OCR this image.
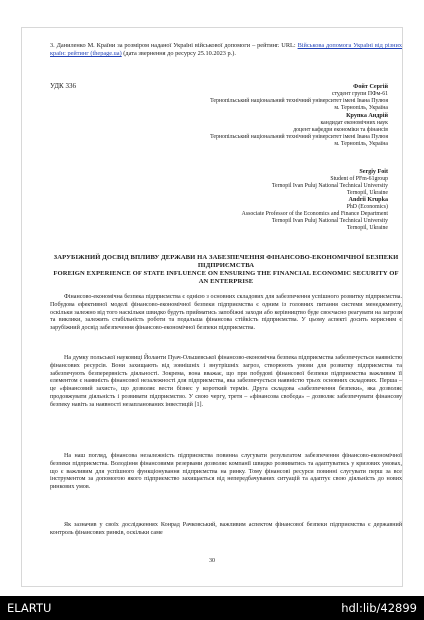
3. Даниленко М. Країни за розміром наданої Україні військової допомоги – рейтинг. URL: Військова допомога Україні від різних країн: рейтинг (thepage.ua) (дата звернення до ресурсу 25.10.2023 р.).
УДК 336	Фойт Сергій
студент групи ПФм-61
Тернопільський національний технічний університет імені Івана Пулюя
м. Тернопіль, Україна
Крупка Андрій
кандидат економічних наук
доцент кафедри економіки та фінансів
Тернопільський національний технічний університет імені Івана Пулюя
м. Тернопіль, Україна
Sergiy Foit
Student of PFm-61group
Ternopil Ivan Puluj National Technical University
Ternopil, Ukraine
Andrii Krupka
PhD (Economics)
Associate Professor of the Economics and Finance Department
Ternopil Ivan Puluj National Technical University
Ternopil, Ukraine
ЗАРУБІЖНИЙ ДОСВІД ВПЛИВУ ДЕРЖАВИ НА ЗАБЕЗПЕЧЕННЯ ФІНАНСОВО-ЕКОНОМІЧНОЇ БЕЗПЕКИ ПІДПРИЄМСТВА
FOREIGN EXPERIENCE OF STATE INFLUENCE ON ENSURING THE FINANCIAL ECONOMIC SECURITY OF AN ENTERPRISE

Фінансово-економічна безпека підприємства є однією з основних складових для забезпечення успішного розвитку підприємства. Побудова ефективної моделі фінансово-економічної безпеки підприємства є одним із головних питання системи менеджменту, оскільки залежно від того наскільки швидко будуть прийматись запобіжні заходи або керівництво буде своєчасно реагувати на загрози та виклики, залежить стабільність роботи та подальша фінансова стійкість підприємства. У цьому аспекті досить корисним є зарубіжний досвід забезпечення фінансово-економічної безпеки підприємства.

На думку польської науковиці Йоланти Пуач-Ольшевської фінансово-економічна безпека підприємства забезпечується наявністю фінансових ресурсів. Вони захищають від зовнішніх і внутрішніх загроз, створюють умови для розвитку підприємства та забезпечують безперервність діяльності. Зокрема, вона вважає, що при побудові фінансової безпеки підприємства важливим її елементом є наявність фінансової незалежності для підприємства, яка забезпечується наявністю трьох основних складових. Перша – це «фінансовий захист», що дозволяє вести бізнес у короткий термін. Друга складова «забезпечення безпеки», яка дозволяє продовжувати діяльність і розвивати підприємство. У свою чергу, третя – «фінансова свобода» – дозволяє забезпечувати фінансову безпеку навіть за наявності незапланованих інвестицій [1].

На наш погляд, фінансова незалежність підприємства повинна слугувати результатом забезпечення фінансово-економічної безпеки підприємства. Володіння фінансовими резервами дозволяє компанії швидко розвиватись та адаптуватись у кризових умовах, що є важливим для успішного функціонування підприємства на ринку. Тому фінансові ресурси повинні слугувати перш за все інструментом за допомогою якого підприємство захищається від непередбачуваних ситуацій та адаптує свою діяльність до нових ринкових умов.

Як зазначив у своїх дослідженнях Конрад Рачковський, важливим аспектом фінансової безпеки підприємства є державний контроль фінансових ринків, оскільки саме

30
ELARTU	hdl:lib/42899
